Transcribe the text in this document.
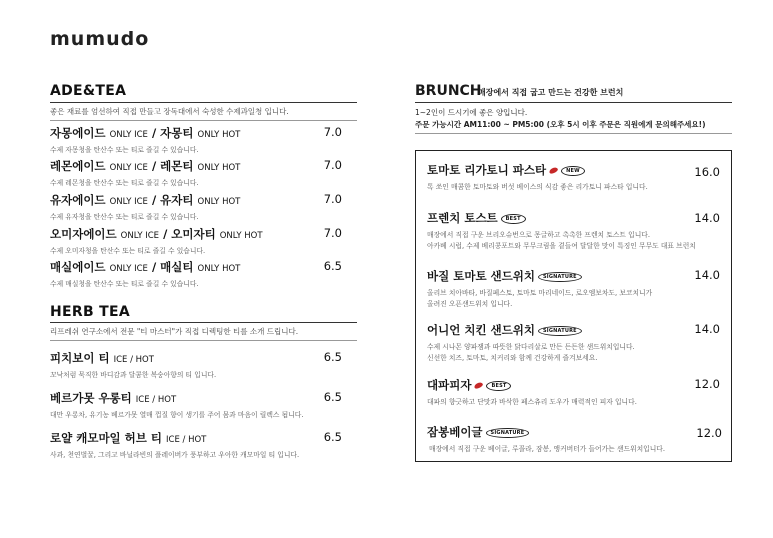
mumudo
ADE&TEA
좋은 재료를 엄선하여 직접 만들고 장독대에서 숙성한 수제과일청 입니다.
자몽에이드 ONLY ICE / 자몽티 ONLY HOT
수제 자몽청을 탄산수 또는 티로 즐길 수 있습니다.
7.0
레몬에이드 ONLY ICE / 레몬티 ONLY HOT
수제 레몬청을 탄산수 또는 티로 즐길 수 있습니다.
7.0
유자에이드 ONLY ICE / 유자티 ONLY HOT
수제 유자청을 탄산수 또는 티로 즐길 수 있습니다.
7.0
오미자에이드 ONLY ICE / 오미자티 ONLY HOT
수제 오미자청을 탄산수 또는 티로 즐길 수 있습니다.
7.0
매실에이드 ONLY ICE / 매실티 ONLY HOT
수제 매실청을 탄산수 또는 티로 즐길 수 있습니다.
6.5
HERB TEA
리프레쉬 연구소에서 전문 "티 마스터"가 직접 디렉팅한 티를 소개 드립니다.
피치보이 티 ICE / HOT
꼬낙처럼 묵직한 바디감과 달콤한 복숭아향의 티 입니다.
6.5
베르가못 우롱티 ICE / HOT
대만 우롱차, 유기농 베르가못 열매 껍질 향이 생기를 주어 몸과 마음이 릴렉스 됩니다.
6.5
로얄 캐모마일 허브 티 ICE / HOT
사과, 천연벌꿀, 그리고 바닐라빈의 플레이버가 풍부하고 우아한 캐모마일 티 입니다.
6.5
BRUNCH
매장에서 직접 굽고 만드는 건강한 브런치
1~2인이 드시기에 좋은 양입니다.
주문 가능시간 AM11:00 ~ PM5:00 (오후 5시 이후 주문은 직원에게 문의해주세요!)
토마토 리가토니 파스타	NEW
톡 쏘인 매콤한 토마토와 버섯 베이스의 식감 좋은 리가토니 파스타 입니다.
16.0
프렌치 토스트 BEST
매장에서 직접 구운 브리오슈번으로 몽글하고 촉촉한 프렌치 토스트 입니다.
아카베 시럽, 수제 베리콩포트와 무무크림을 곁들여 달달한 맛이 특징인 무무도 대표 브런치
14.0
바질 토마토 샌드위치 SIGNATURE
올리브 치아바타, 바질페스토, 토마토 마리네이드, 로오엠보차도, 보코치니가
올려진 오픈샌드위치 입니다.
14.0
어니언 치킨 샌드위치 SIGNATURE
수제 시나몬 양파잼과 따뜻한 닭다리살로 만든 든든한 샌드위치입니다.
신선한 치즈, 토마토, 치커리와 함께 건강하게 즐겨보세요.
14.0
대파피자	BEST
대파의 향긋하고 단맛과 바삭한 페스츄리 도우가 매력적인 피자 입니다.
12.0
잠봉베이글 SIGNATURE
매장에서 직접 구운 베이글, 루꼴라, 잠봉, 앵커버터가 들어가는 샌드위치입니다.
12.0
